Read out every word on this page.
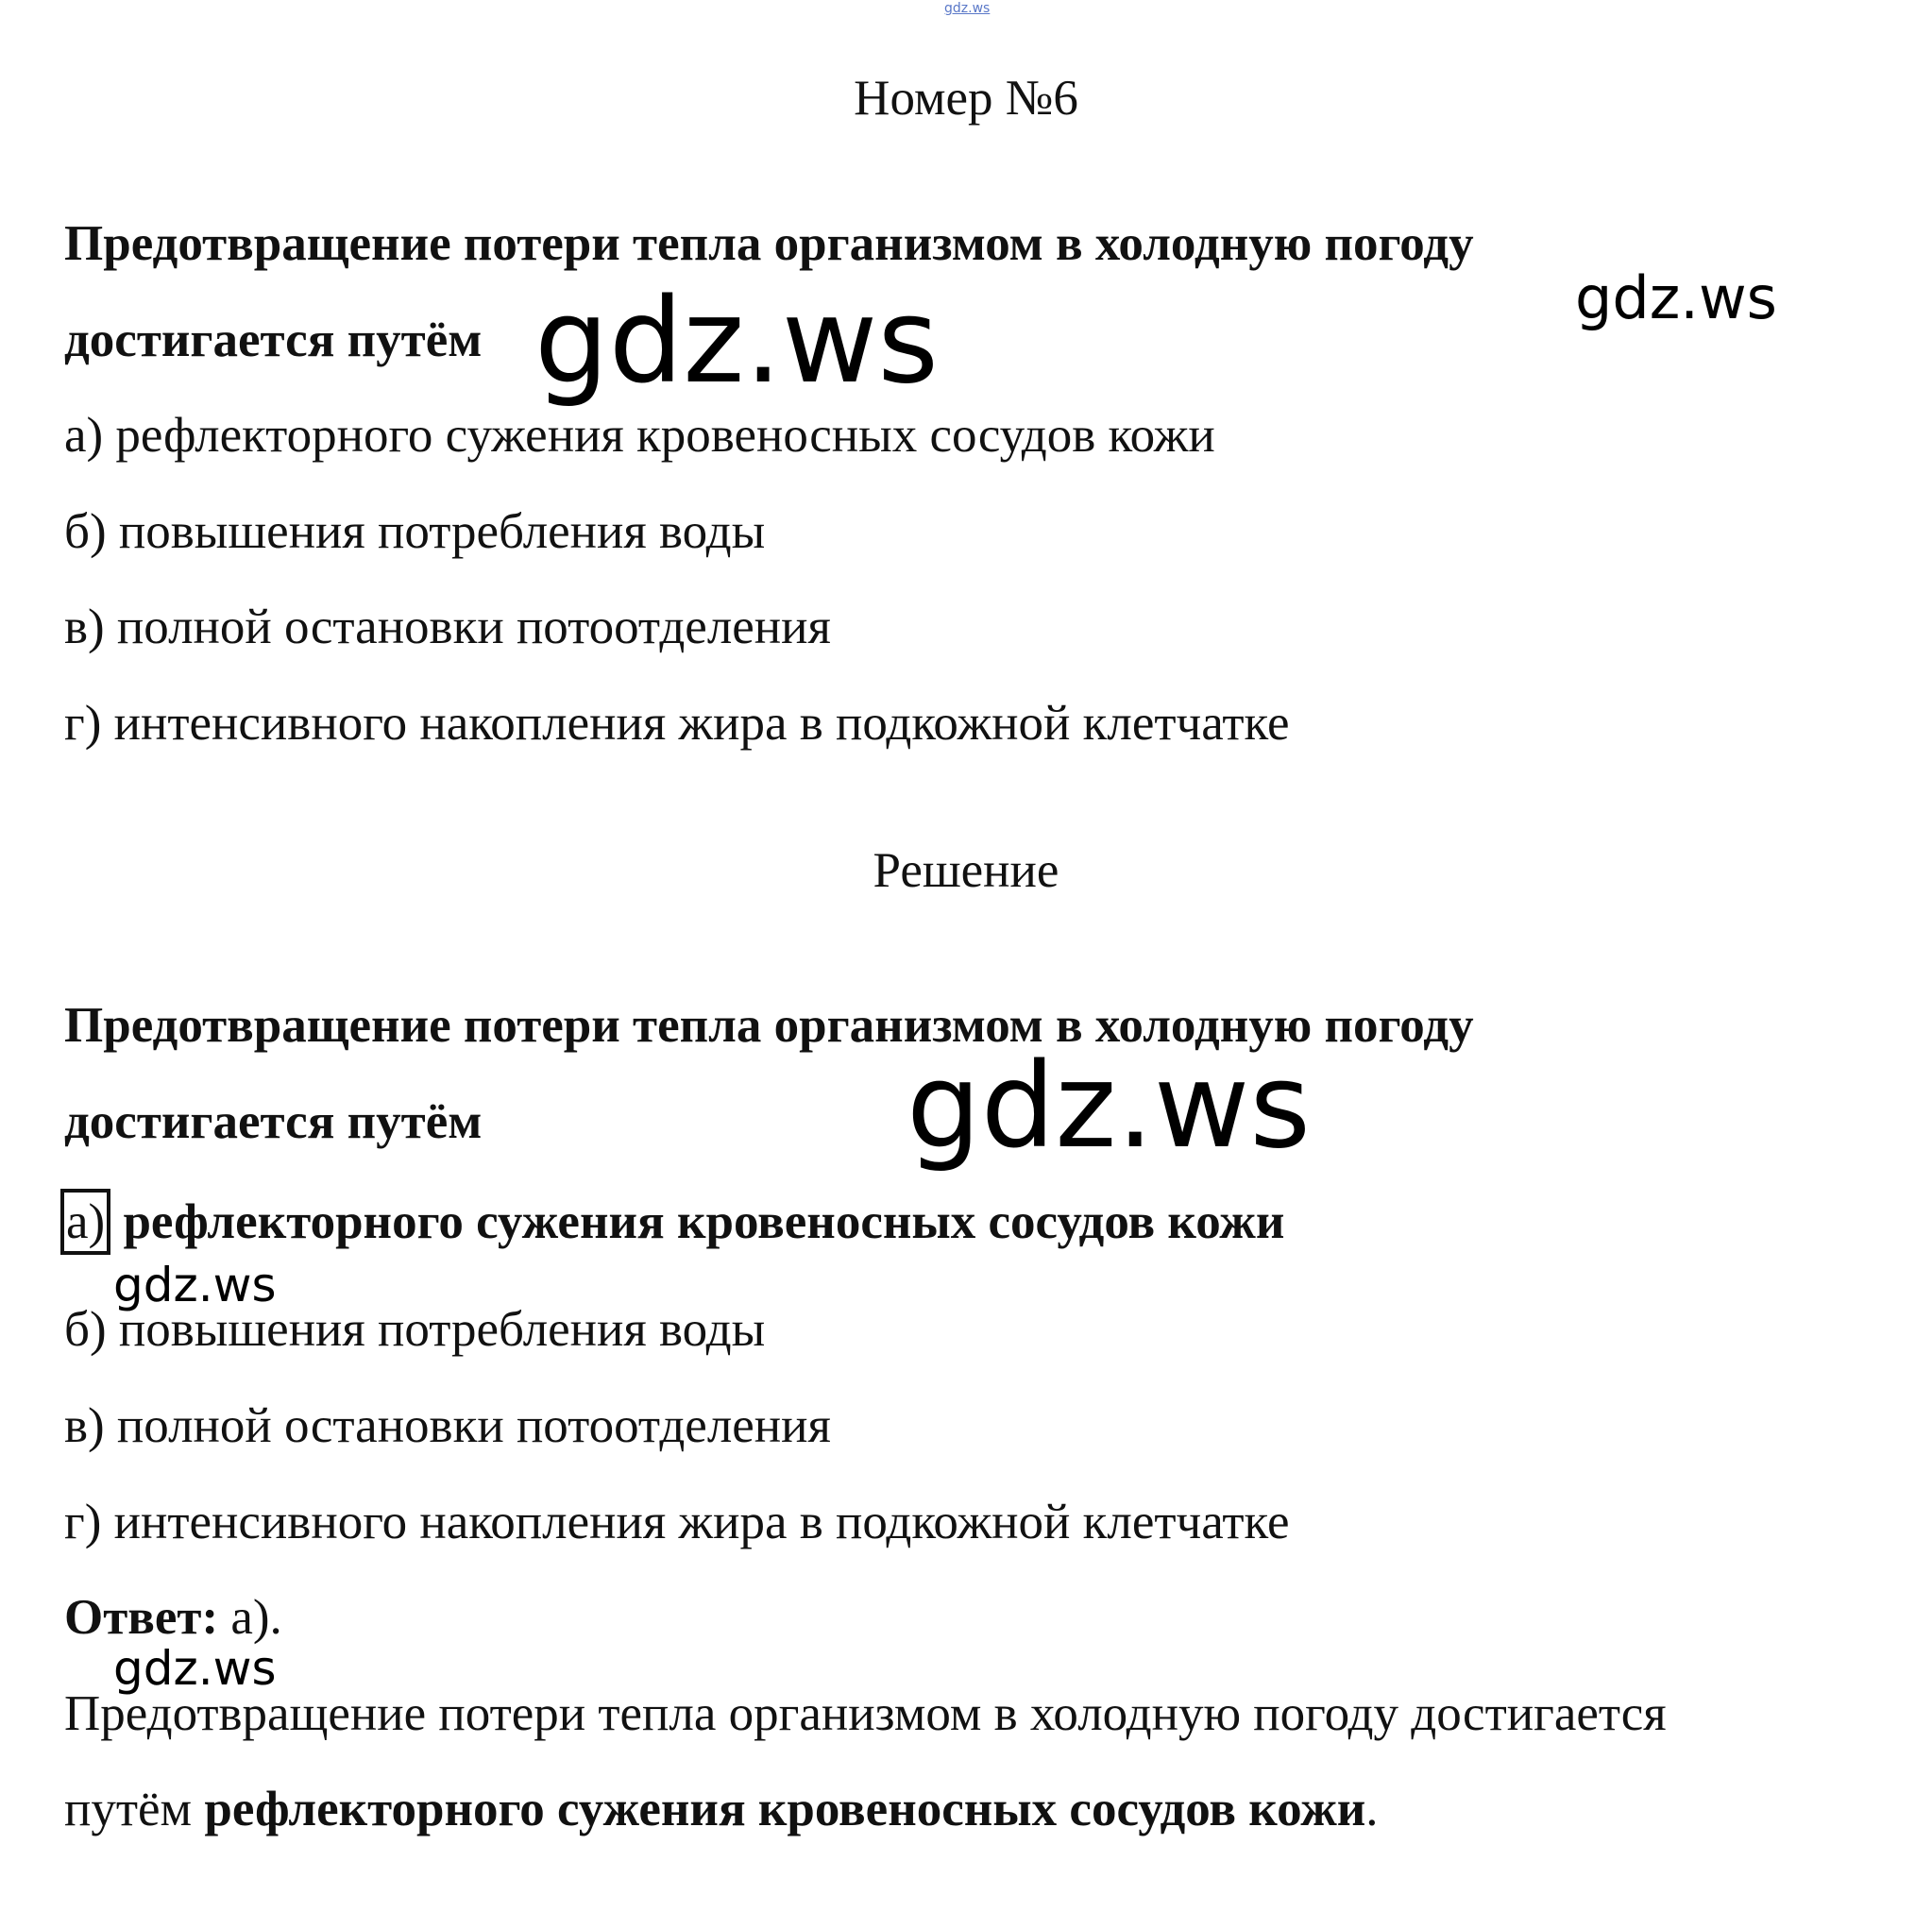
gdz.ws
Номер №6
Предотвращение потери тепла организмом в холодную погоду
достигается путём
а) рефлекторного сужения кровеносных сосудов кожи
б) повышения потребления воды
в) полной остановки потоотделения
г) интенсивного накопления жира в подкожной клетчатке
Решение
Предотвращение потери тепла организмом в холодную погоду
достигается путём
а) рефлекторного сужения кровеносных сосудов кожи
б) повышения потребления воды
в) полной остановки потоотделения
г) интенсивного накопления жира в подкожной клетчатке
Ответ: а).
Предотвращение потери тепла организмом в холодную погоду достигается
путём рефлекторного сужения кровеносных сосудов кожи.
gdz.ws	gdz.ws
gdz.ws
gdz.ws
gdz.ws
